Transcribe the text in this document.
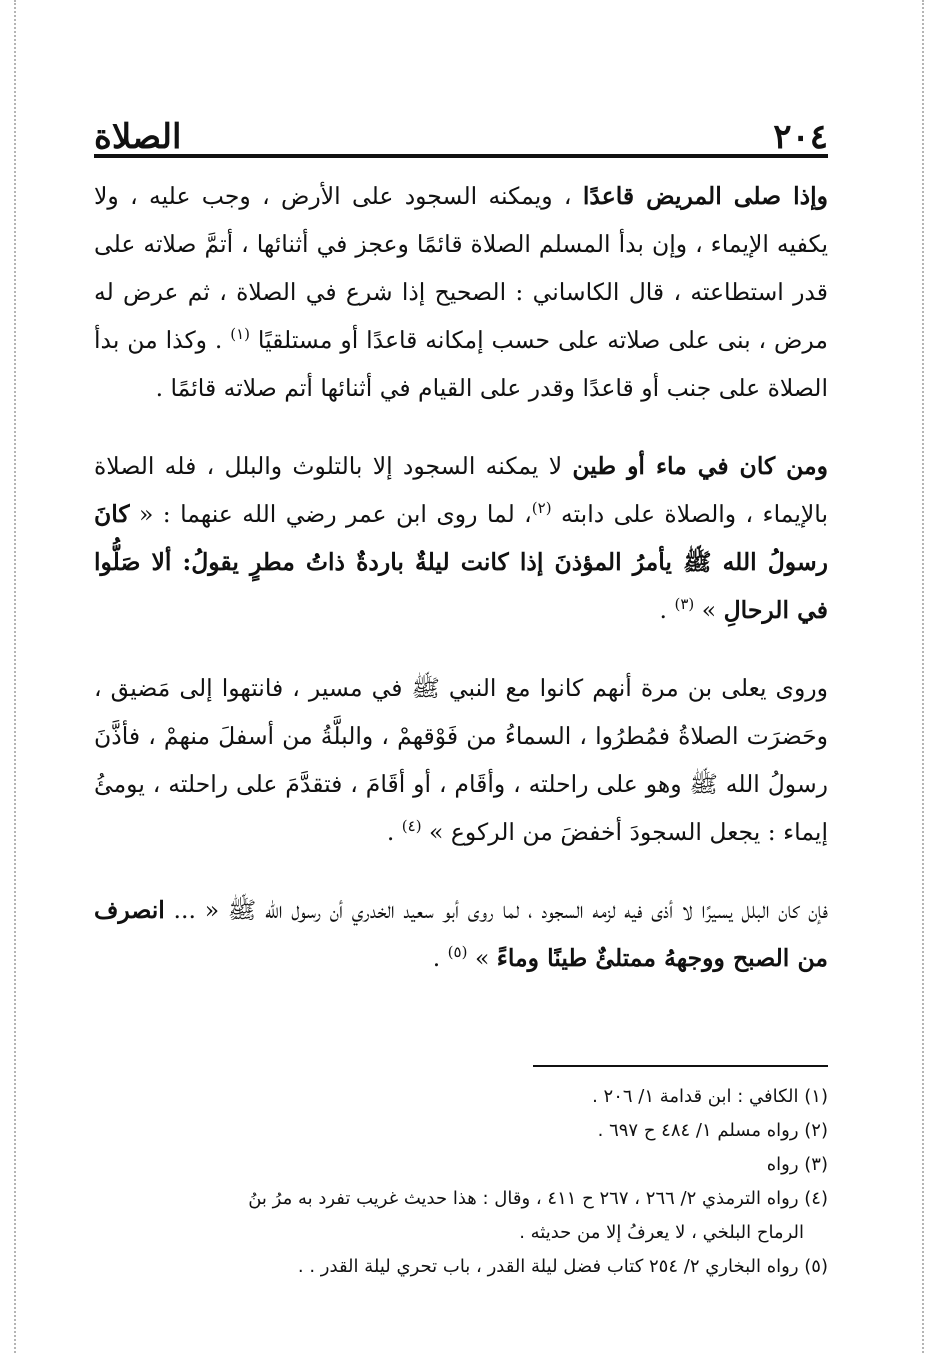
الصلاة	٢٠٤

وإذا صلى المريض قاعدًا ، ويمكنه السجود على الأرض ، وجب عليه ، ولا يكفيه الإيماء ، وإن بدأ المسلم الصلاة قائمًا وعجز في أثنائها ، أتمَّ صلاته على قدر استطاعته ، قال الكاساني : الصحيح إذا شرع في الصلاة ، ثم عرض له مرض ، بنى على صلاته على حسب إمكانه قاعدًا أو مستلقيًا $^{(١)}$ . وكذا من بدأ الصلاة على جنب أو قاعدًا وقدر على القيام في أثنائها أتم صلاته قائمًا .

ومن كان في ماء أو طين لا يمكنه السجود إلا بالتلوث والبلل ، فله الصلاة بالإيماء ، والصلاة على دابته $^{(٢)}$، لما روى ابن عمر رضي الله عنهما : « كانَ رسولُ الله ﷺ يأمرُ المؤذنَ إذا كانت ليلةٌ باردةٌ ذاتُ مطرٍ يقولُ: ألا صَلُّوا في الرحالِ » $^{(٣)}$ .

وروى يعلى بن مرة أنهم كانوا مع النبي ﷺ في مسير ، فانتهوا إلى مَضيق ، وحَضرَت الصلاةُ فمُطرُوا ، السماءُ من فَوْقهمْ ، والبلَّةُ من أسفلَ منهمْ ، فأذَّنَ رسولُ الله ﷺ وهو على راحلته ، وأقَام ، أو أقَامَ ، فتقدَّمَ على راحلته ، يومئُ إيماء : يجعل السجودَ أخفضَ من الركوع » $^{(٤)}$ .

فإن كان البلل يسيرًا لا أذى فيه لزمه السجود ، لما روى أبو سعيد الخدري أن رسول الله ﷺ « ... انصرف من الصبح ووجههُ ممتلئٌ طينًا وماءً » $^{(٥)}$ .

(١) الكافي : ابن قدامة ١/ ٢٠٦ .

(٢) رواه مسلم ١/ ٤٨٤ ح ٦٩٧ .

(٣) رواه

(٤) رواه الترمذي ٢/ ٢٦٦ ، ٢٦٧ ح ٤١١ ، وقال : هذا حديث غريب تفرد به مرُ بنُ

الرماح البلخي ، لا يعرفُ إلا من حديثه .

(٥) رواه البخاري ٢/ ٢٥٤ كتاب فضل ليلة القدر ، باب تحري ليلة القدر . .
